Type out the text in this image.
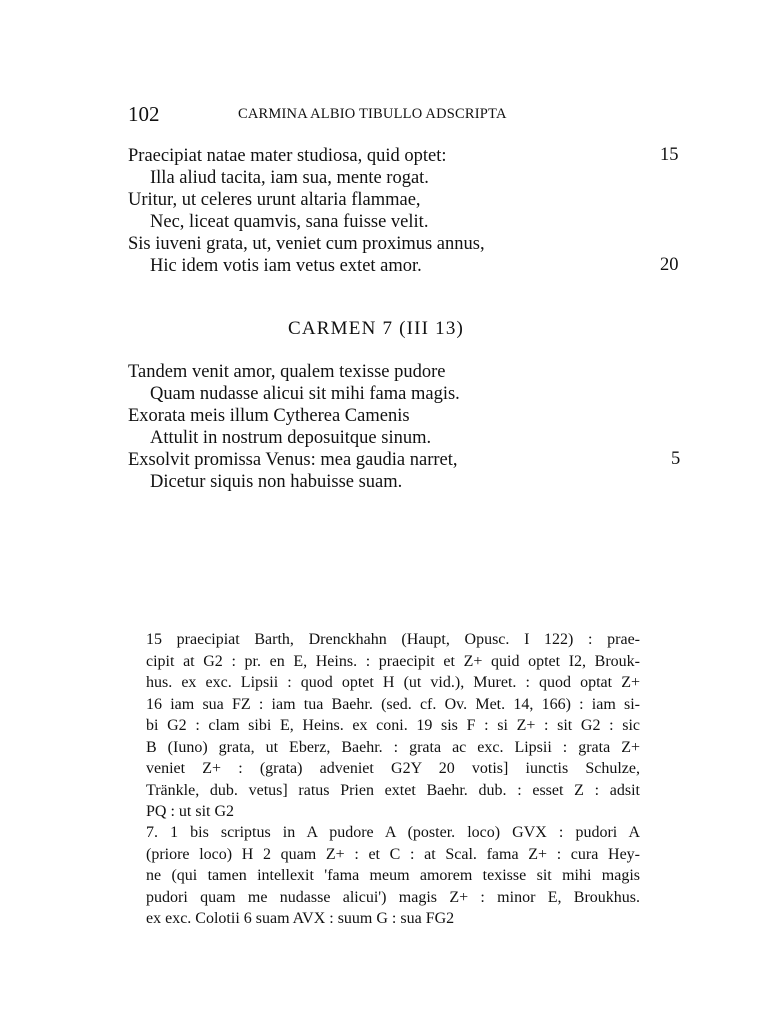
102	CARMINA ALBIO TIBULLO ADSCRIPTA
Praecipiat natae mater studiosa, quid optet:
Illa aliud tacita, iam sua, mente rogat.
Uritur, ut celeres urunt altaria flammae,
Nec, liceat quamvis, sana fuisse velit.
Sis iuveni grata, ut, veniet cum proximus annus,
Hic idem votis iam vetus extet amor.
15
20
CARMEN 7 (III 13)
Tandem venit amor, qualem texisse pudore
Quam nudasse alicui sit mihi fama magis.
Exorata meis illum Cytherea Camenis
Attulit in nostrum deposuitque sinum.
Exsolvit promissa Venus: mea gaudia narret,
Dicetur siquis non habuisse suam.
5
15 praecipiat Barth, Drenckhahn (Haupt, Opusc. I 122) : prae-
cipit at G2 : pr. en E, Heins. : praecipit et Z+ quid optet I2, Brouk-
hus. ex exc. Lipsii : quod optet H (ut vid.), Muret. : quod optat Z+
16 iam sua FZ : iam tua Baehr. (sed. cf. Ov. Met. 14, 166) : iam si-
bi G2 : clam sibi E, Heins. ex coni. 19 sis F : si Z+ : sit G2 : sic
B (Iuno) grata, ut Eberz, Baehr. : grata ac exc. Lipsii : grata Z+
veniet Z+ : (grata) adveniet G2Y 20 votis] iunctis Schulze,
Tränkle, dub. vetus] ratus Prien extet Baehr. dub. : esset Z : adsit
PQ : ut sit G2
7. 1 bis scriptus in A pudore A (poster. loco) GVX : pudori A
(priore loco) H 2 quam Z+ : et C : at Scal. fama Z+ : cura Hey-
ne (qui tamen intellexit 'fama meum amorem texisse sit mihi magis
pudori quam me nudasse alicui') magis Z+ : minor E, Broukhus.
ex exc. Colotii 6 suam AVX : suum G : sua FG2
